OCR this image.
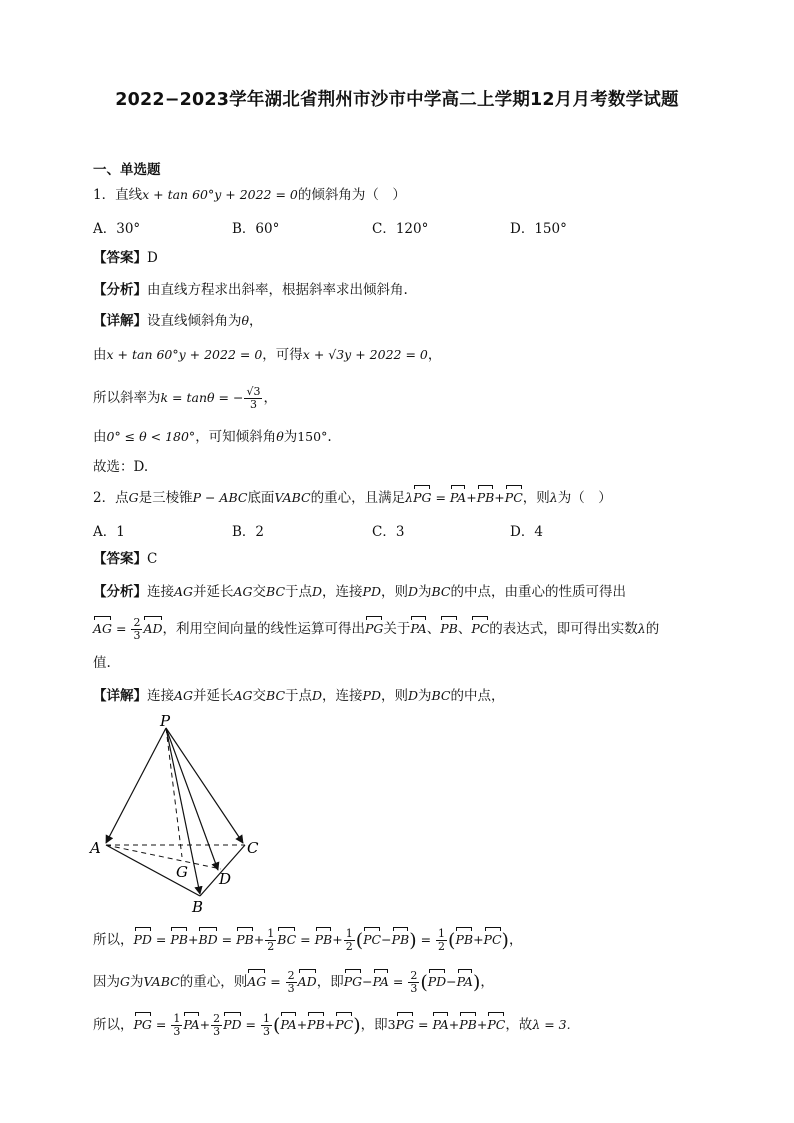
2022−2023学年湖北省荆州市沙市中学高二上学期12月月考数学试题
一、单选题
1．直线x + tan 60°y + 2022 = 0的倾斜角为（　）
A．30°	B．60°	C．120°	D．150°
【答案】D
【分析】由直线方程求出斜率，根据斜率求出倾斜角.
【详解】设直线倾斜角为θ，
由x + tan 60°y + 2022 = 0，可得x + √3y + 2022 = 0，
所以斜率为k = tanθ = − $\frac{√3}{3}$ ，
由0° ≤ θ < 180°，可知倾斜角θ为150°.
故选：D.
2．点G是三棱锥P − ABC底面VABC的重心，且满足λPG = PA+PB+PC，则λ为（　）
A．1	B．2	C．3	D．4
【答案】C
【分析】连接AG并延长AG交BC于点D，连接PD，则D为BC的中点，由重心的性质可得出
AG = $\frac{2}{3}$ AD，利用空间向量的线性运算可得出PG关于PA、PB、PC的表达式，即可得出实数λ的
值.
【详解】连接AG并延长AG交BC于点D，连接PD，则D为BC的中点，
P
A	C
G D
B
所以，PD = $PB+BD = PB+ \frac{1}{2}$ BC = $PB+ \frac{1}{2} (PC-PB) = \frac{1}{2} (PB+PC)$，
因为G为VABC的重心，则AG = $\frac{2}{3}$ AD，即$PG-PA = \frac{2}{3} (PD-PA)$，
所以，PG = $\frac{1}{3} PA+ \frac{2}{3}$ PD = $\frac{1}{3} (PA+PB+PC)$，即3PG = PA+PB+PC，故λ = 3.
